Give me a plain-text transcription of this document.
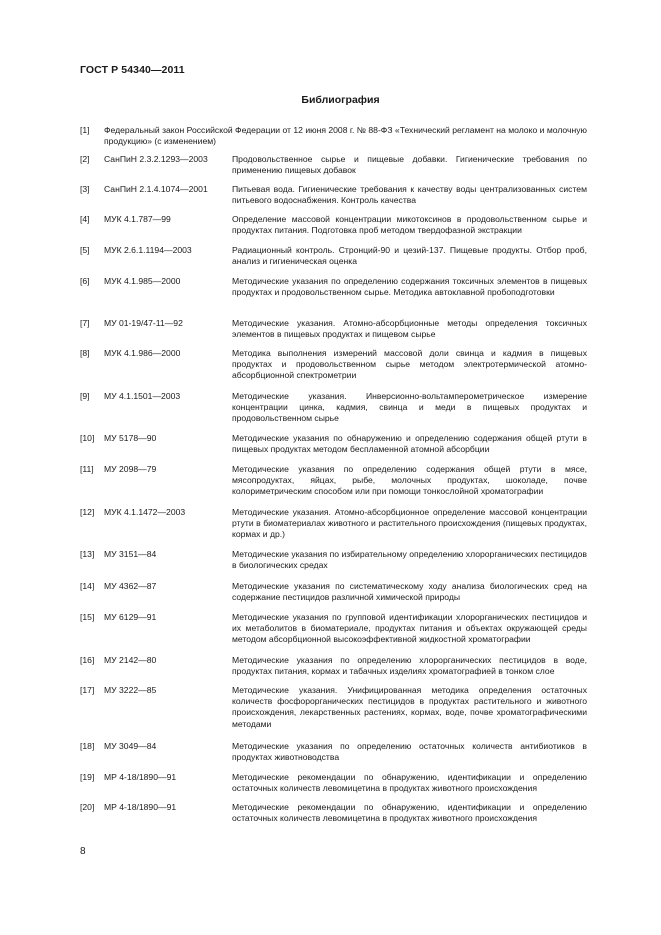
ГОСТ Р 54340—2011
Библиография
[1] Федеральный закон Российской Федерации от 12 июня 2008 г. № 88-ФЗ «Технический регламент на молоко и молочную продукцию» (с изменением)
[2] СанПиН 2.3.2.1293—2003	Продовольственное сырье и пищевые добавки. Гигиенические требования по применению пищевых добавок
[3] СанПиН 2.1.4.1074—2001	Питьевая вода. Гигиенические требования к качеству воды централизованных систем питьевого водоснабжения. Контроль качества
[4] МУК 4.1.787—99	Определение массовой концентрации микотоксинов в продовольственном сырье и продуктах питания. Подготовка проб методом твердофазной экстракции
[5] МУК 2.6.1.1194—2003	Радиационный контроль. Стронций-90 и цезий-137. Пищевые продукты. Отбор проб, анализ и гигиеническая оценка
[6] МУК 4.1.985—2000	Методические указания по определению содержания токсичных элементов в пищевых продуктах и продовольственном сырье. Методика автоклавной пробоподготовки
[7] МУ 01-19/47-11—92	Методические указания. Атомно-абсорбционные методы определения токсичных элементов в пищевых продуктах и пищевом сырье
[8] МУК 4.1.986—2000	Методика выполнения измерений массовой доли свинца и кадмия в пищевых продуктах и продовольственном сырье методом электротермической атомно-абсорбционной спектрометрии
[9] МУ 4.1.1501—2003	Методические указания. Инверсионно-вольтамперометрическое измерение концентрации цинка, кадмия, свинца и меди в пищевых продуктах и продовольственном сырье
[10] МУ 5178—90	Методические указания по обнаружению и определению содержания общей ртути в пищевых продуктах методом беспламенной атомной абсорбции
[11] МУ 2098—79	Методические указания по определению содержания общей ртути в мясе, мясопродуктах, яйцах, рыбе, молочных продуктах, шоколаде, почве колориметрическим способом или при помощи тонкослойной хроматографии
[12] МУК 4.1.1472—2003	Методические указания. Атомно-абсорбционное определение массовой концентрации ртути в биоматериалах животного и растительного происхождения (пищевых продуктах, кормах и др.)
[13] МУ 3151—84	Методические указания по избирательному определению хлорорганических пестицидов в биологических средах
[14] МУ 4362—87	Методические указания по систематическому ходу анализа биологических сред на содержание пестицидов различной химической природы
[15] МУ 6129—91	Методические указания по групповой идентификации хлорорганических пестицидов и их метаболитов в биоматериале, продуктах питания и объектах окружающей среды методом абсорбционной высокоэффективной жидкостной хроматографии
[16] МУ 2142—80	Методические указания по определению хлорорганических пестицидов в воде, продуктах питания, кормах и табачных изделиях хроматографией в тонком слое
[17] МУ 3222—85	Методические указания. Унифицированная методика определения остаточных количеств фосфорорганических пестицидов в продуктах растительного и животного происхождения, лекарственных растениях, кормах, воде, почве хроматографическими методами
[18] МУ 3049—84	Методические указания по определению остаточных количеств антибиотиков в продуктах животноводства
[19] МР 4-18/1890—91	Методические рекомендации по обнаружению, идентификации и определению остаточных количеств левомицетина в продуктах животного происхождения
[20] МР 4-18/1890—91	Методические рекомендации по обнаружению, идентификации и определению остаточных количеств левомицетина в продуктах животного происхождения
8
